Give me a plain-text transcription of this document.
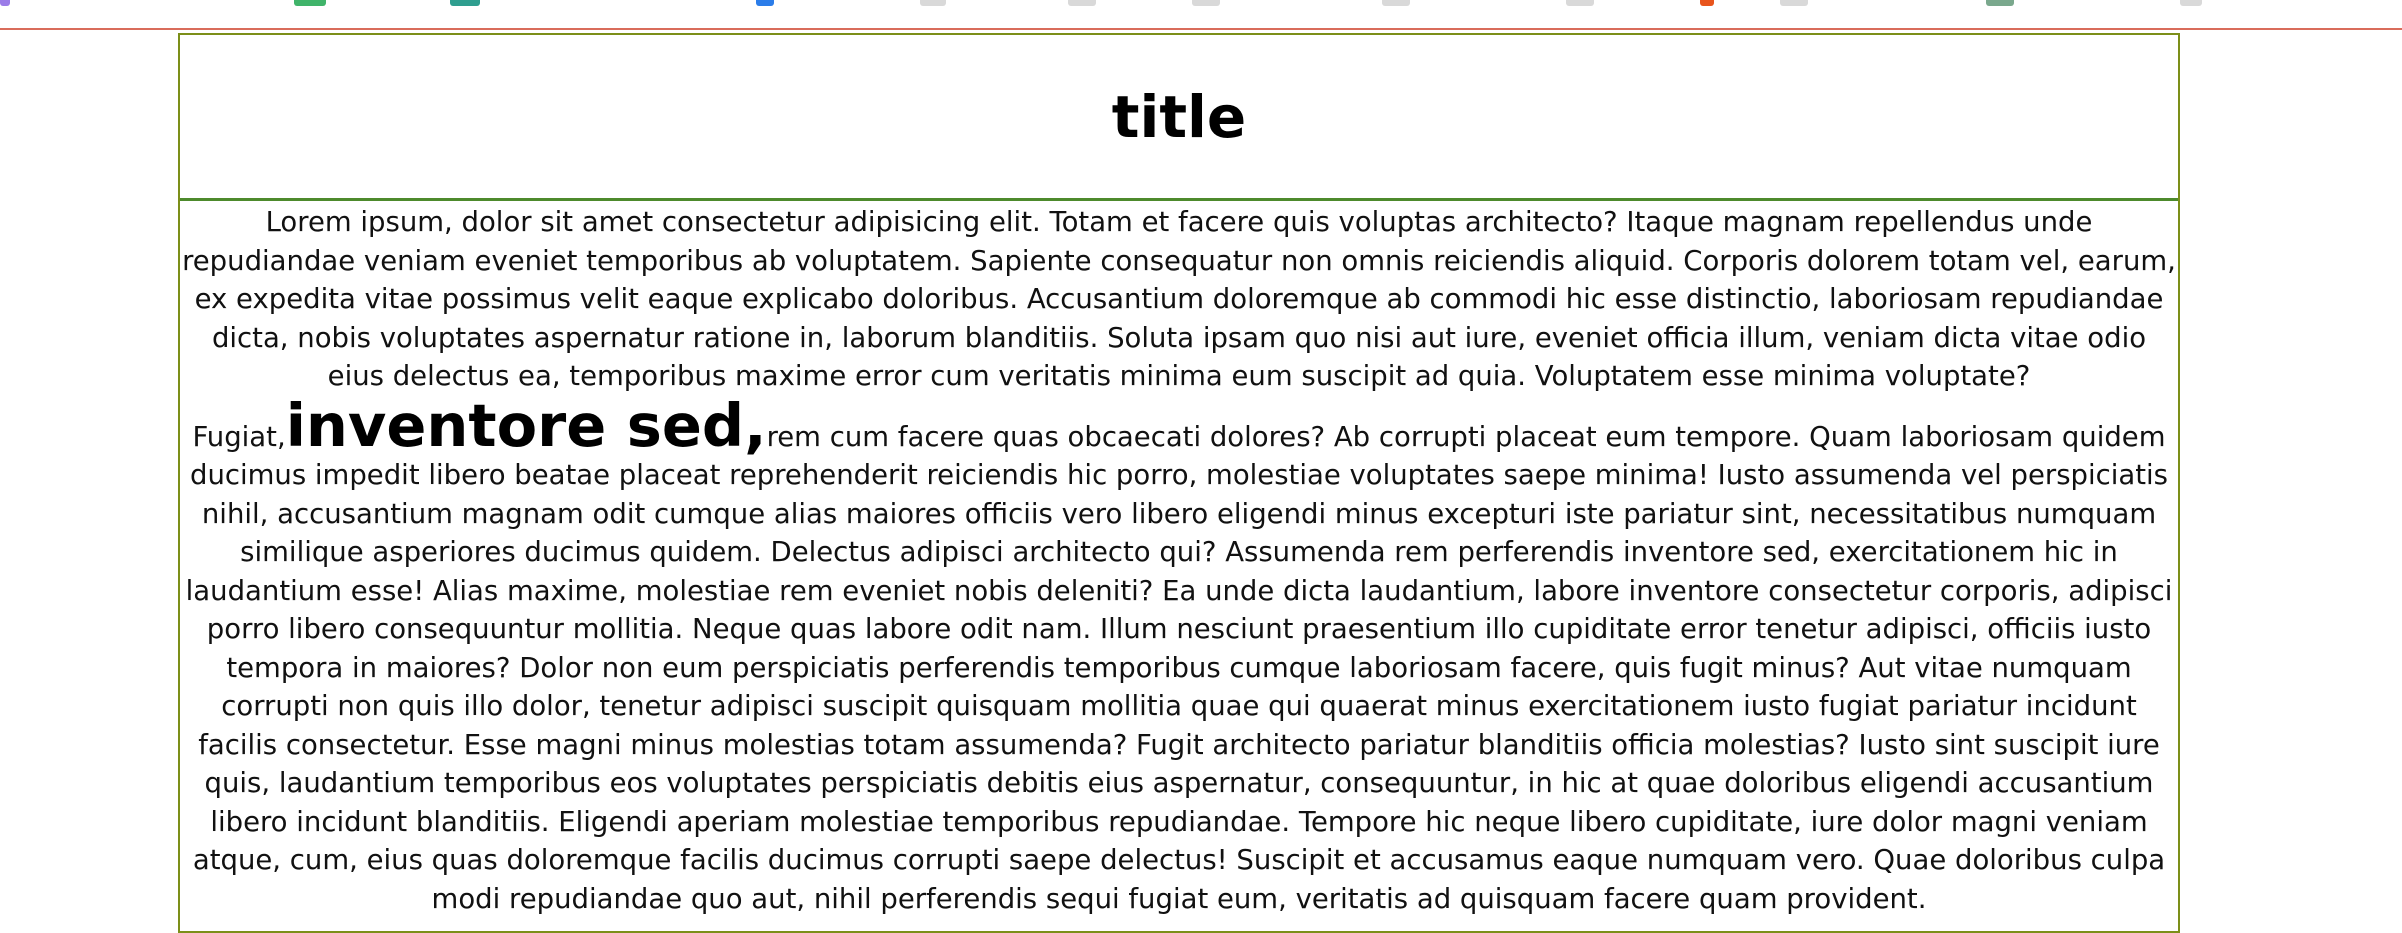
title
Lorem ipsum, dolor sit amet consectetur adipisicing elit. Totam et facere quis voluptas architecto? Itaque magnam repellendus unde repudiandae veniam eveniet temporibus ab voluptatem. Sapiente consequatur non omnis reiciendis aliquid. Corporis dolorem totam vel, earum, ex expedita vitae possimus velit eaque explicabo doloribus. Accusantium doloremque ab commodi hic esse distinctio, laboriosam repudiandae dicta, nobis voluptates aspernatur ratione in, laborum blanditiis. Soluta ipsam quo nisi aut iure, eveniet officia illum, veniam dicta vitae odio eius delectus ea, temporibus maxime error cum veritatis minima eum suscipit ad quia. Voluptatem esse minima voluptate? Fugiat,inventore sed,rem cum facere quas obcaecati dolores? Ab corrupti placeat eum tempore. Quam laboriosam quidem ducimus impedit libero beatae placeat reprehenderit reiciendis hic porro, molestiae voluptates saepe minima! Iusto assumenda vel perspiciatis nihil, accusantium magnam odit cumque alias maiores officiis vero libero eligendi minus excepturi iste pariatur sint, necessitatibus numquam similique asperiores ducimus quidem. Delectus adipisci architecto qui? Assumenda rem perferendis inventore sed, exercitationem hic in laudantium esse! Alias maxime, molestiae rem eveniet nobis deleniti? Ea unde dicta laudantium, labore inventore consectetur corporis, adipisci porro libero consequuntur mollitia. Neque quas labore odit nam. Illum nesciunt praesentium illo cupiditate error tenetur adipisci, officiis iusto tempora in maiores? Dolor non eum perspiciatis perferendis temporibus cumque laboriosam facere, quis fugit minus? Aut vitae numquam corrupti non quis illo dolor, tenetur adipisci suscipit quisquam mollitia quae qui quaerat minus exercitationem iusto fugiat pariatur incidunt facilis consectetur. Esse magni minus molestias totam assumenda? Fugit architecto pariatur blanditiis officia molestias? Iusto sint suscipit iure quis, laudantium temporibus eos voluptates perspiciatis debitis eius aspernatur, consequuntur, in hic at quae doloribus eligendi accusantium libero incidunt blanditiis. Eligendi aperiam molestiae temporibus repudiandae. Tempore hic neque libero cupiditate, iure dolor magni veniam atque, cum, eius quas doloremque facilis ducimus corrupti saepe delectus! Suscipit et accusamus eaque numquam vero. Quae doloribus culpa modi repudiandae quo aut, nihil perferendis sequi fugiat eum, veritatis ad quisquam facere quam provident.
